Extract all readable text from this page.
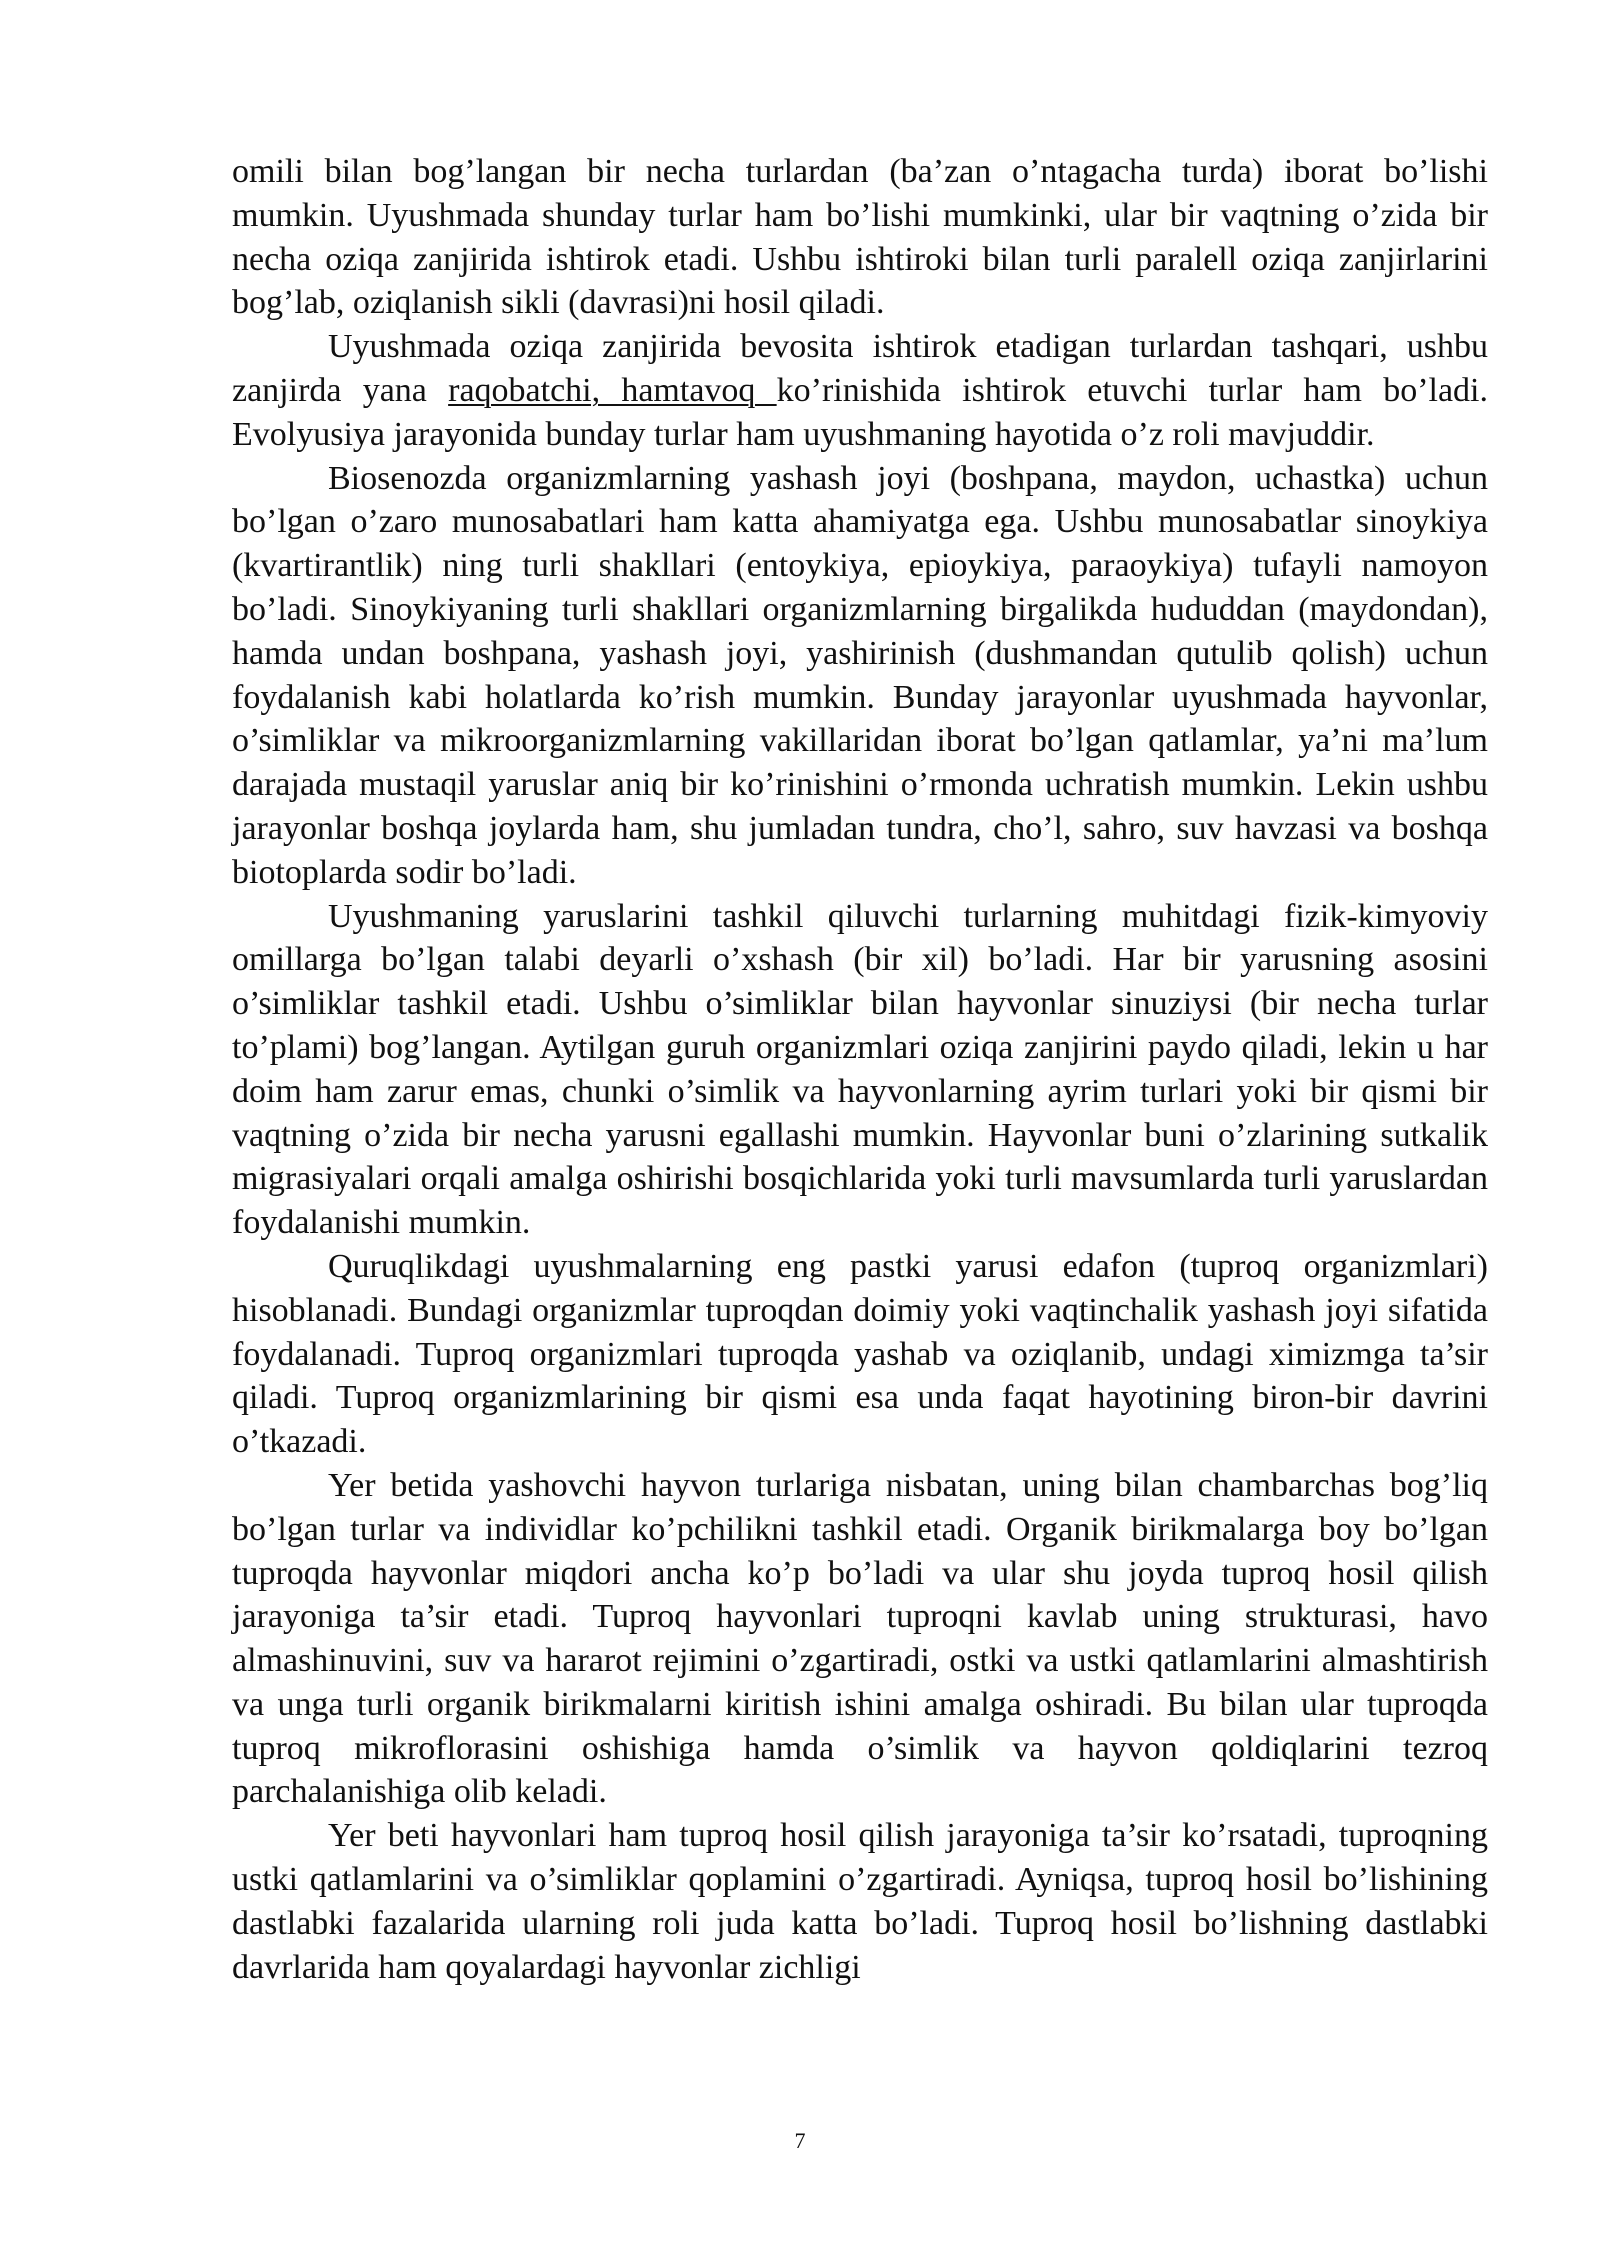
omili bilan bog’langan bir necha turlardan (ba’zan o’ntagacha turda) iborat bo’lishi mumkin. Uyushmada shunday turlar ham bo’lishi mumkinki, ular bir vaqtning o’zida bir necha oziqa zanjirida ishtirok etadi. Ushbu ishtiroki bilan turli paralell oziqa zanjirlarini bog’lab, oziqlanish sikli (davrasi)ni hosil qiladi.

Uyushmada oziqa zanjirida bevosita ishtirok etadigan turlardan tashqari, ushbu zanjirda yana raqobatchi, hamtavoq ko’rinishida ishtirok etuvchi turlar ham bo’ladi. Evolyusiya jarayonida bunday turlar ham uyushmaning hayotida o’z roli mavjuddir.

Biosenozda organizmlarning yashash joyi (boshpana, maydon, uchastka) uchun bo’lgan o’zaro munosabatlari ham katta ahamiyatga ega. Ushbu munosabatlar sinoykiya (kvartirantlik) ning turli shakllari (entoykiya, epioykiya, paraoykiya) tufayli namoyon bo’ladi. Sinoykiyaning turli shakllari organizmlarning birgalikda hududdan (maydondan), hamda undan boshpana, yashash joyi, yashirinish (dushmandan qutulib qolish) uchun foydalanish kabi holatlarda ko’rish mumkin. Bunday jarayonlar uyushmada hayvonlar, o’simliklar va mikroorganizmlarning vakillaridan iborat bo’lgan qatlamlar, ya’ni ma’lum darajada mustaqil yaruslar aniq bir ko’rinishini o’rmonda uchratish mumkin. Lekin ushbu jarayonlar boshqa joylarda ham, shu jumladan tundra, cho’l, sahro, suv havzasi va boshqa biotoplarda sodir bo’ladi.

Uyushmaning yaruslarini tashkil qiluvchi turlarning muhitdagi fizik-kimyoviy omillarga bo’lgan talabi deyarli o’xshash (bir xil) bo’ladi. Har bir yarusning asosini o’simliklar tashkil etadi. Ushbu o’simliklar bilan hayvonlar sinuziysi (bir necha turlar to’plami) bog’langan. Aytilgan guruh organizmlari oziqa zanjirini paydo qiladi, lekin u har doim ham zarur emas, chunki o’simlik va hayvonlarning ayrim turlari yoki bir qismi bir vaqtning o’zida bir necha yarusni egallashi mumkin. Hayvonlar buni o’zlarining sutkalik migrasiyalari orqali amalga oshirishi bosqichlarida yoki turli mavsumlarda turli yaruslardan foydalanishi mumkin.

Quruqlikdagi uyushmalarning eng pastki yarusi edafon (tuproq organizmlari) hisoblanadi. Bundagi organizmlar tuproqdan doimiy yoki vaqtinchalik yashash joyi sifatida foydalanadi. Tuproq organizmlari tuproqda yashab va oziqlanib, undagi ximizmga ta’sir qiladi. Tuproq organizmlarining bir qismi esa unda faqat hayotining biron-bir davrini o’tkazadi.

Yer betida yashovchi hayvon turlariga nisbatan, uning bilan chambarchas bog’liq bo’lgan turlar va individlar ko’pchilikni tashkil etadi. Organik birikmalarga boy bo’lgan tuproqda hayvonlar miqdori ancha ko’p bo’ladi va ular shu joyda tuproq hosil qilish jarayoniga ta’sir etadi. Tuproq hayvonlari tuproqni kavlab uning strukturasi, havo almashinuvini, suv va hararot rejimini o’zgartiradi, ostki va ustki qatlamlarini almashtirish va unga turli organik birikmalarni kiritish ishini amalga oshiradi. Bu bilan ular tuproqda tuproq mikroflorasini oshishiga hamda o’simlik va hayvon qoldiqlarini tezroq parchalanishiga olib keladi.

Yer beti hayvonlari ham tuproq hosil qilish jarayoniga ta’sir ko’rsatadi, tuproqning ustki qatlamlarini va o’simliklar qoplamini o’zgartiradi. Ayniqsa, tuproq hosil bo’lishining dastlabki fazalarida ularning roli juda katta bo’ladi. Tuproq hosil bo’lishning dastlabki davrlarida ham qoyalardagi hayvonlar zichligi

7
